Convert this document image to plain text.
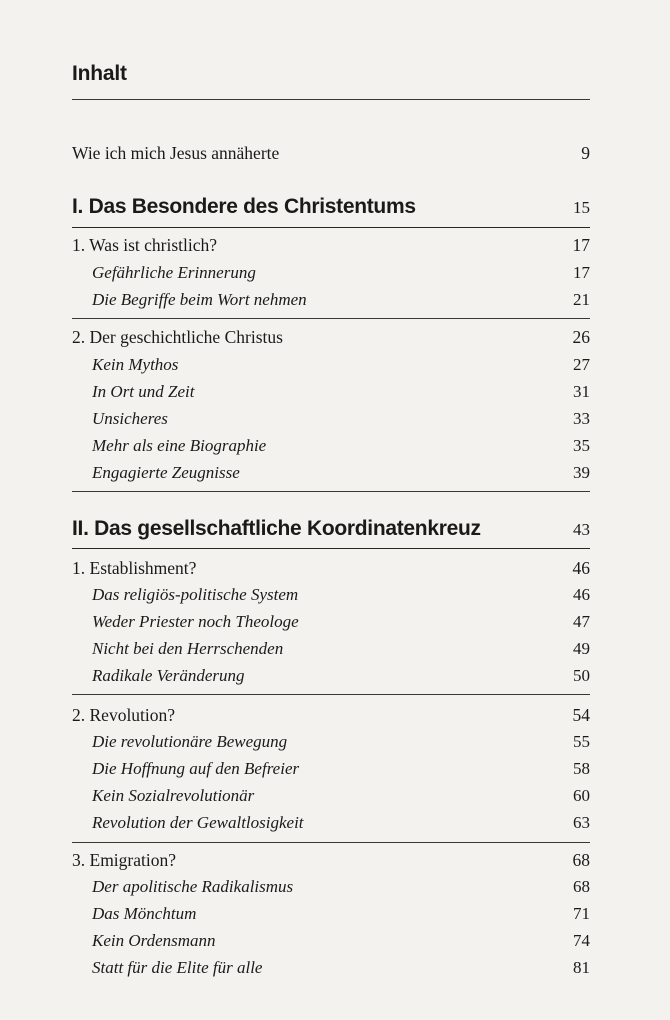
Inhalt
Wie ich mich Jesus annäherte	9
I. Das Besondere des Christentums	15
1. Was ist christlich?	17
Gefährliche Erinnerung	17
Die Begriffe beim Wort nehmen	21
2. Der geschichtliche Christus	26
Kein Mythos	27
In Ort und Zeit	31
Unsicheres	33
Mehr als eine Biographie	35
Engagierte Zeugnisse	39
II. Das gesellschaftliche Koordinatenkreuz	43
1. Establishment?	46
Das religiös-politische System	46
Weder Priester noch Theologe	47
Nicht bei den Herrschenden	49
Radikale Veränderung	50
2. Revolution?	54
Die revolutionäre Bewegung	55
Die Hoffnung auf den Befreier	58
Kein Sozialrevolutionär	60
Revolution der Gewaltlosigkeit	63
3. Emigration?	68
Der apolitische Radikalismus	68
Das Mönchtum	71
Kein Ordensmann	74
Statt für die Elite für alle	81
